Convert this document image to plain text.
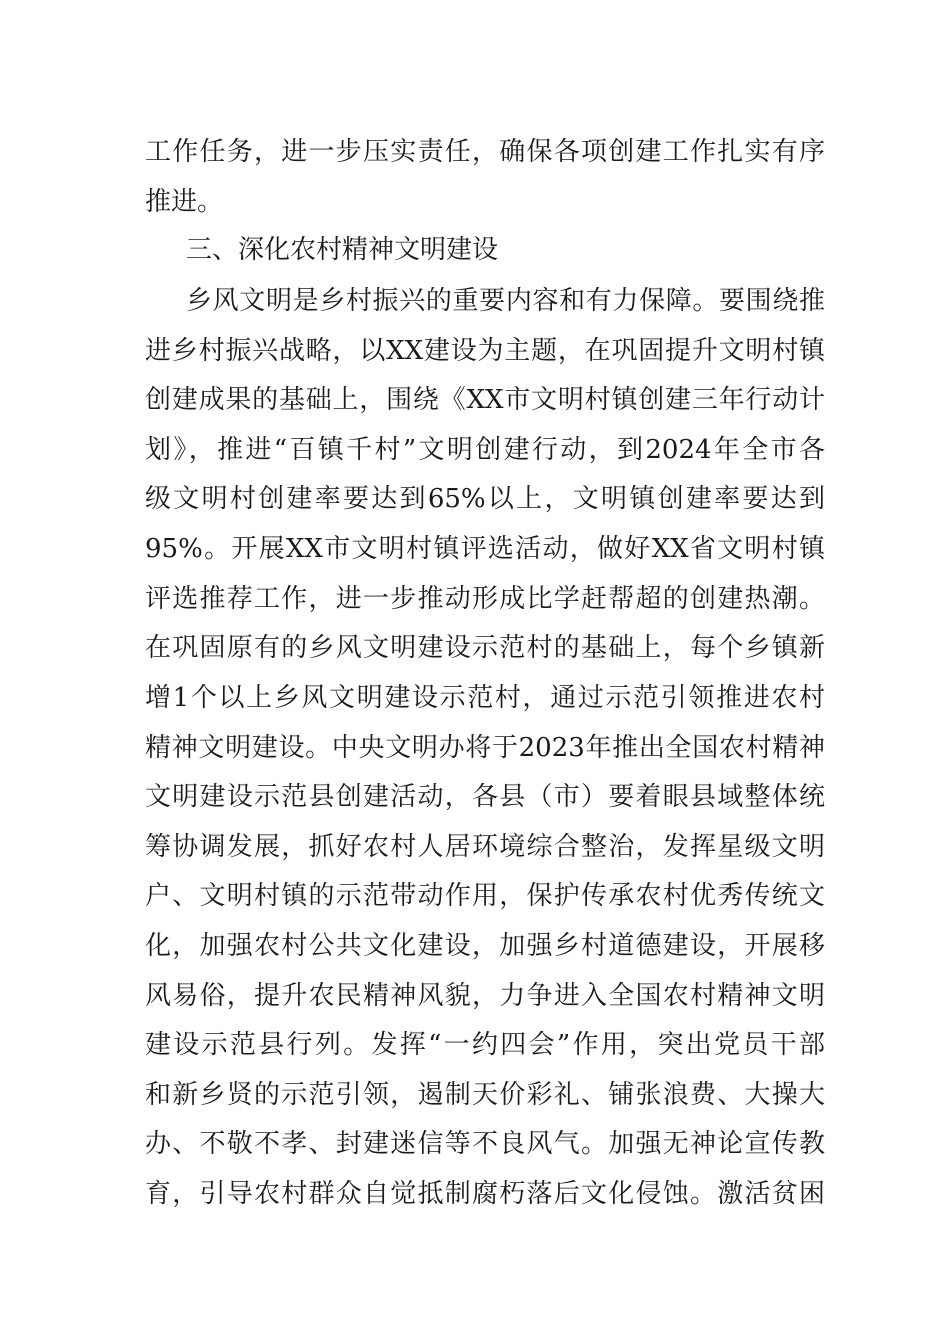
工作任务，进一步压实责任，确保各项创建工作扎实有序
推进。
三、深化农村精神文明建设
乡风文明是乡村振兴的重要内容和有力保障。要围绕推
进乡村振兴战略，以XX建设为主题，在巩固提升文明村镇
创建成果的基础上，围绕《XX市文明村镇创建三年行动计
划》，推进“百镇千村”文明创建行动，到2024年全市各
级文明村创建率要达到65%以上，文明镇创建率要达到
95%。开展XX市文明村镇评选活动，做好XX省文明村镇
评选推荐工作，进一步推动形成比学赶帮超的创建热潮。
在巩固原有的乡风文明建设示范村的基础上，每个乡镇新
增1个以上乡风文明建设示范村，通过示范引领推进农村
精神文明建设。中央文明办将于2023年推出全国农村精神
文明建设示范县创建活动，各县（市）要着眼县域整体统
筹协调发展，抓好农村人居环境综合整治，发挥星级文明
户、文明村镇的示范带动作用，保护传承农村优秀传统文
化，加强农村公共文化建设，加强乡村道德建设，开展移
风易俗，提升农民精神风貌，力争进入全国农村精神文明
建设示范县行列。发挥“一约四会”作用，突出党员干部
和新乡贤的示范引领，遏制天价彩礼、铺张浪费、大操大
办、不敬不孝、封建迷信等不良风气。加强无神论宣传教
育，引导农村群众自觉抵制腐朽落后文化侵蚀。激活贫困
